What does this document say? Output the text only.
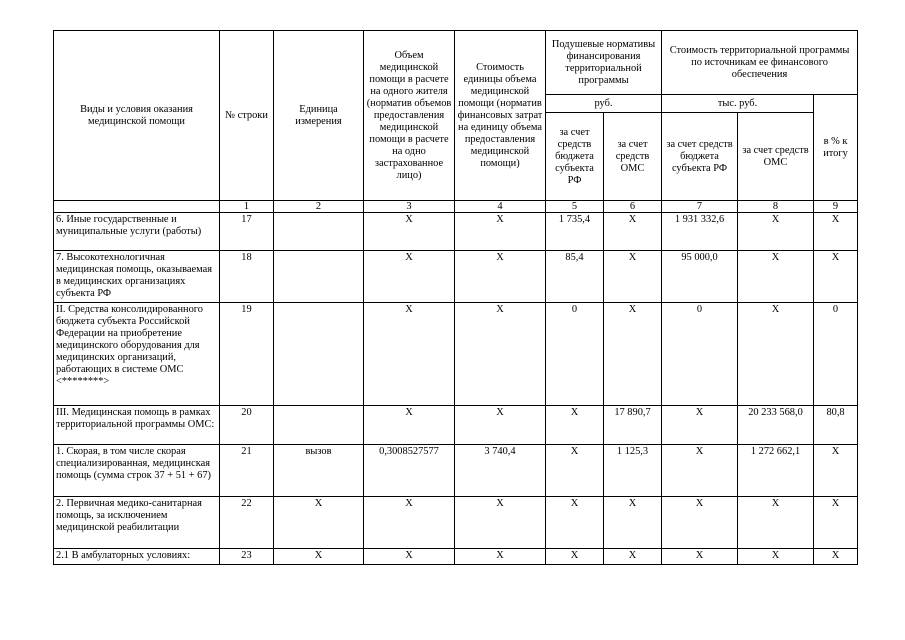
Виды и условия оказания медицинской помощи	№ строки	Единица измерения	Объем медицинской помощи в расчете на одного жителя (норматив объемов предоставления медицинской помощи в расчете на одно застрахованное лицо)	Стоимость единицы объема медицинской помощи (норматив финансовых затрат на единицу объема предоставления медицинской помощи)	Подушевые нормативы финансирования территориальной программы		Стоимость территориальной программы по источникам ее финансового обеспечения		
					руб.		тыс. руб.		в % к итогу
					за счет средств бюджета субъекта РФ	за счет средств ОМС	за счет средств бюджета субъекта РФ	за счет средств ОМС	
	1	2	3	4	5	6	7	8	9
6. Иные государственные и муниципальные услуги (работы)	17		X	X	1 735,4	X	1 931 332,6	X	X
7. Высокотехнологичная медицинская помощь, оказываемая в медицинских организациях субъекта РФ	18		X	X	85,4	X	95 000,0	X	X
II. Средства консолидированного бюджета субъекта Российской Федерации на приобретение медицинского оборудования для медицинских организаций, работающих в системе ОМС <********>	19		X	X	0	X	0	X	0
III. Медицинская помощь в рамках территориальной программы ОМС:	20		X	X	X	17 890,7	X	20 233 568,0	80,8
1. Скорая, в том числе скорая специализированная, медицинская помощь (сумма строк 37 + 51 + 67)	21	вызов	0,3008527577	3 740,4	X	1 125,3	X	1 272 662,1	X
2. Первичная медико-санитарная помощь, за исключением медицинской реабилитации	22	X	X	X	X	X	X	X	X
2.1 В амбулаторных условиях:	23	X	X	X	X	X	X	X	X
